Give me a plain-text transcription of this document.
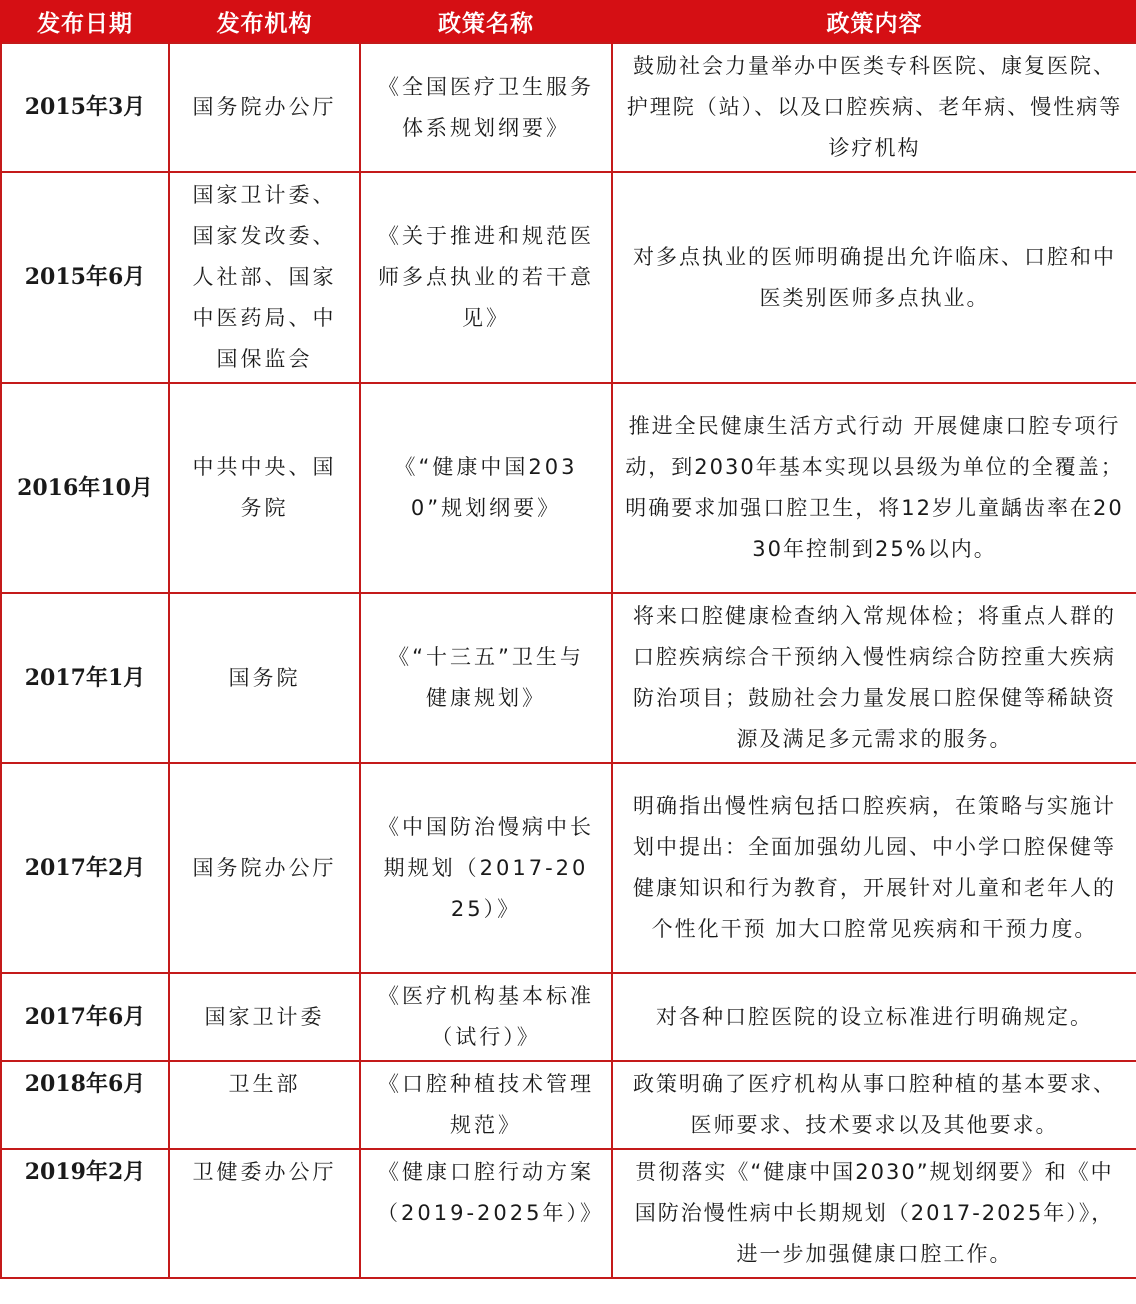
发布日期	发布机构	政策名称	政策内容
2015年3月	国务院办公厅	《全国医疗卫生服务体系规划纲要》	鼓励社会力量举办中医类专科医院、康复医院、护理院（站）、以及口腔疾病、老年病、慢性病等诊疗机构
2015年6月	国家卫计委、国家发改委、人社部、国家中医药局、中国保监会	《关于推进和规范医师多点执业的若干意见》	对多点执业的医师明确提出允许临床、口腔和中医类别医师多点执业。
2016年10月	中共中央、国务院	《“健康中国2030”规划纲要》	推进全民健康生活方式行动 开展健康口腔专项行动，到2030年基本实现以县级为单位的全覆盖；明确要求加强口腔卫生，将12岁儿童龋齿率在2030年控制到25%以内。
2017年1月	国务院	《“十三五”卫生与健康规划》	将来口腔健康检查纳入常规体检；将重点人群的口腔疾病综合干预纳入慢性病综合防控重大疾病防治项目；鼓励社会力量发展口腔保健等稀缺资源及满足多元需求的服务。
2017年2月	国务院办公厅	《中国防治慢病中长期规划（2017-2025）》	明确指出慢性病包括口腔疾病，在策略与实施计划中提出：全面加强幼儿园、中小学口腔保健等健康知识和行为教育，开展针对儿童和老年人的个性化干预 加大口腔常见疾病和干预力度。
2017年6月	国家卫计委	《医疗机构基本标准（试行）》	对各种口腔医院的设立标准进行明确规定。
2018年6月	卫生部	《口腔种植技术管理规范》	政策明确了医疗机构从事口腔种植的基本要求、医师要求、技术要求以及其他要求。
2019年2月	卫健委办公厅	《健康口腔行动方案（2019-2025年）》	贯彻落实《“健康中国2030”规划纲要》和《中国防治慢性病中长期规划（2017-2025年）》，进一步加强健康口腔工作。
